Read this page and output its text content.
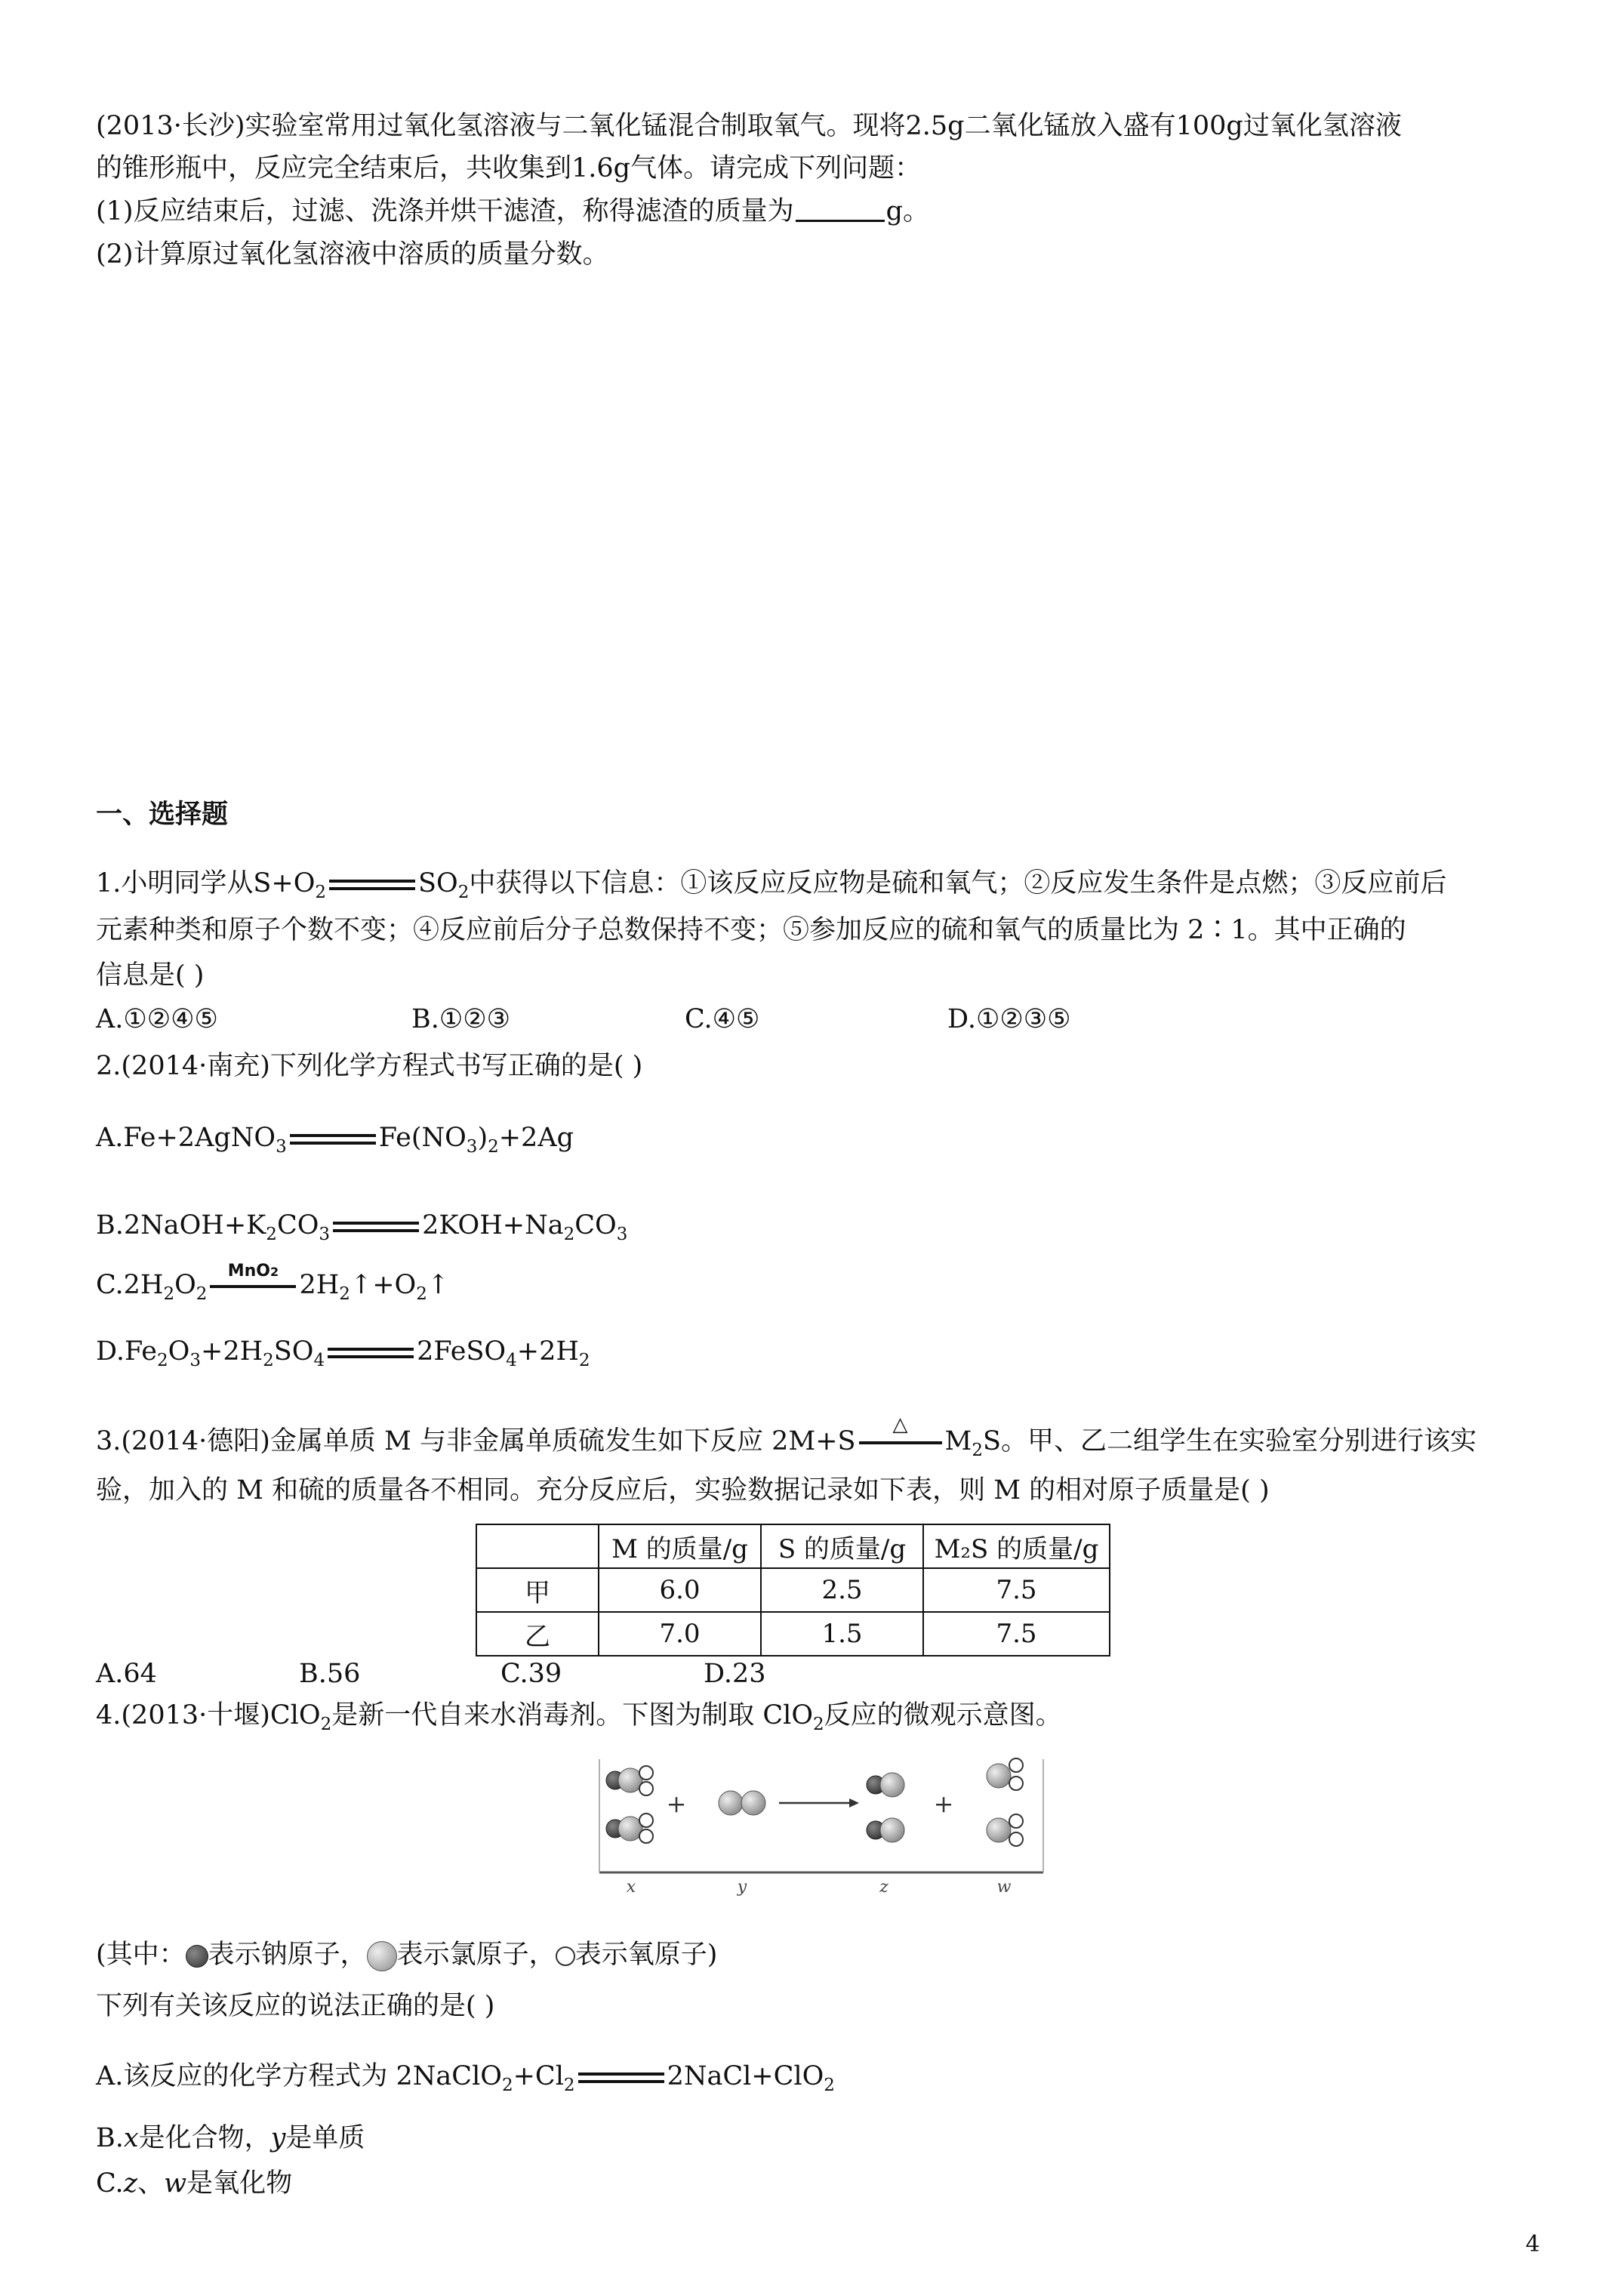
(2013·长沙)实验室常用过氧化氢溶液与二氧化锰混合制取氧气。现将2.5g二氧化锰放入盛有100g过氧化氢溶液
的锥形瓶中，反应完全结束后，共收集到1.6g气体。请完成下列问题：
(1)反应结束后，过滤、洗涤并烘干滤渣，称得滤渣的质量为	g。
(2)计算原过氧化氢溶液中溶质的质量分数。
一、选择题
1.小明同学从$S+O_2$	$SO_2$中获得以下信息：①该反应反应物是硫和氧气；②反应发生条件是点燃；③反应前后
元素种类和原子个数不变；④反应前后分子总数保持不变；⑤参加反应的硫和氧气的质量比为 2∶1。其中正确的
信息是( )
A.①②④⑤	B.①②③	C.④⑤	D.①②③⑤
2.(2014·南充)下列化学方程式书写正确的是( )
A.Fe+2AgNO$_3$	$Fe(NO_3)_2+2Ag$
$B.2NaOH+K_2CO_3$	$2KOH+Na_2CO_3$
$C.2H_2O_2$
MnO2 $2H_2↑+O_2↑$
$D.Fe_2O_3+2H_2SO_4$	$2FeSO_4+2H_2$
3.(2014·德阳)金属单质 M 与非金属单质硫发生如下反应 2M+S
△
$M_2S$。甲、乙二组学生在实验室分别进行该实
验，加入的 M 和硫的质量各不相同。充分反应后，实验数据记录如下表，则 M 的相对原子质量是( )
	M 的质量/g	S 的质量/g	M₂S 的质量/g
甲	6.0	2.5	7.5
乙	7.0	1.5	7.5
A.64	B.56	C.39	D.23
4.(2013·十堰)ClO$_2$是新一代自来水消毒剂。下图为制取 ClO$_2$反应的微观示意图。
+	+
x	y	z	w
(其中： 表示钠原子， 表示氯原子， 表示氧原子)
下列有关该反应的说法正确的是( )
A.该反应的化学方程式为 $2NaClO_2+Cl_2$	2NaCl+ClO$_2$
B.x是化合物，y是单质
C.z、w是氧化物
4
